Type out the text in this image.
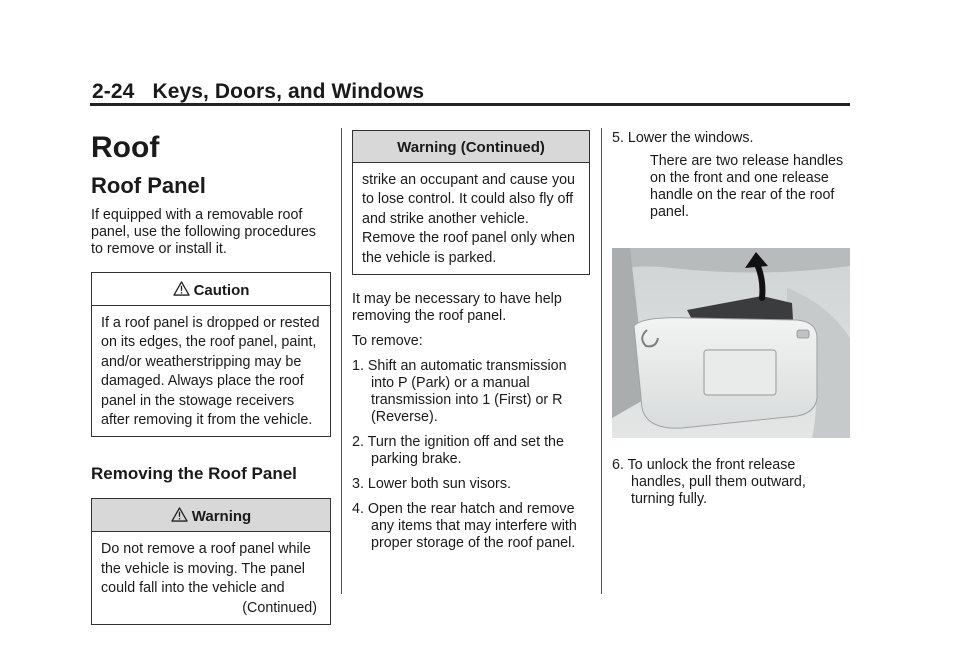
2-24 Keys, Doors, and Windows
Roof
Roof Panel

If equipped with a removable roof panel, use the following procedures to remove or install it.

Caution
If a roof panel is dropped or rested on its edges, the roof panel, paint, and/or weatherstripping may be damaged. Always place the roof panel in the stowage receivers after removing it from the vehicle.
Removing the Roof Panel
Warning
Do not remove a roof panel while the vehicle is moving. The panel could fall into the vehicle and
(Continued)
Warning (Continued)
strike an occupant and cause you to lose control. It could also fly off and strike another vehicle. Remove the roof panel only when the vehicle is parked.

It may be necessary to have help removing the roof panel.

To remove:

1. Shift an automatic transmission into P (Park) or a manual transmission into 1 (First) or R (Reverse).
2. Turn the ignition off and set the parking brake.
3. Lower both sun visors.
4. Open the rear hatch and remove any items that may interfere with proper storage of the roof panel.
5. Lower the windows.
There are two release handles on the front and one release handle on the rear of the roof panel.
6. To unlock the front release handles, pull them outward, turning fully.
